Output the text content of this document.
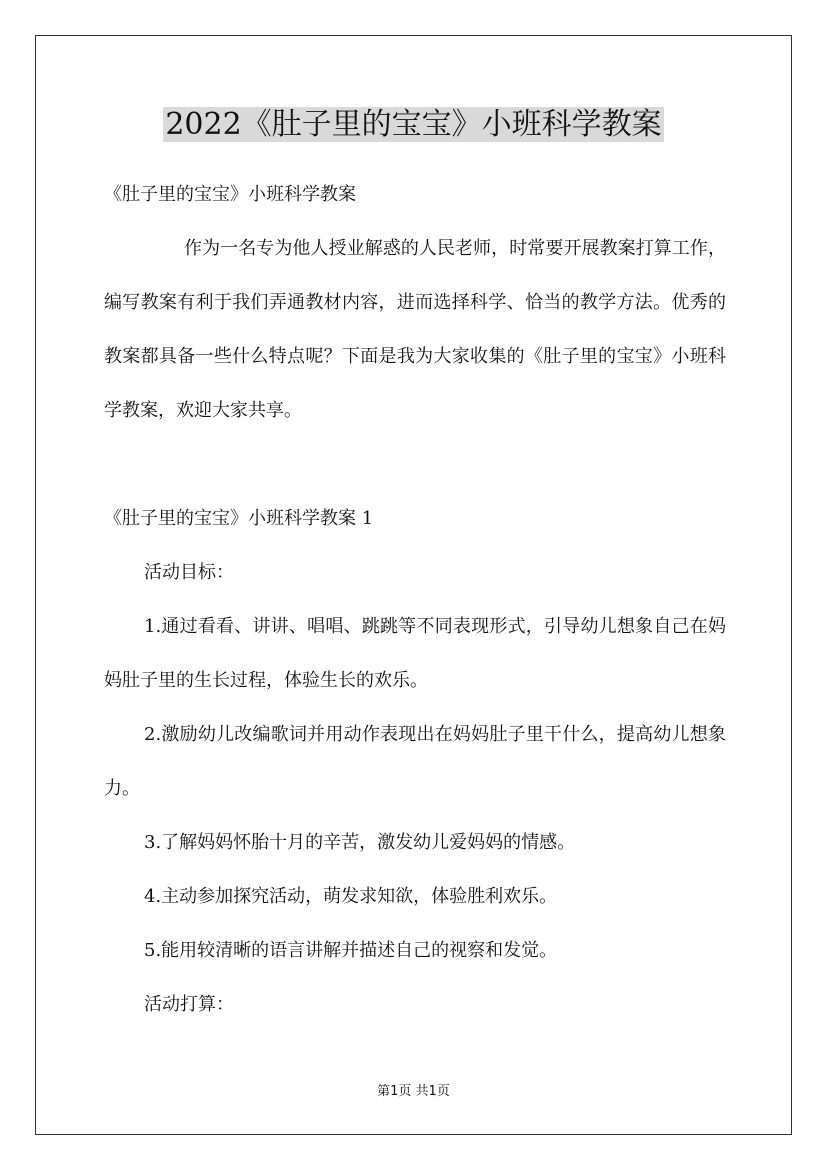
2022《肚子里的宝宝》小班科学教案

《肚子里的宝宝》小班科学教案

作为一名专为他人授业解惑的人民老师，时常要开展教案打算工作，编写教案有利于我们弄通教材内容，进而选择科学、恰当的教学方法。优秀的教案都具备一些什么特点呢？下面是我为大家收集的《肚子里的宝宝》小班科学教案，欢迎大家共享。

《肚子里的宝宝》小班科学教案 1

活动目标：

1.通过看看、讲讲、唱唱、跳跳等不同表现形式，引导幼儿想象自己在妈妈肚子里的生长过程，体验生长的欢乐。

2.激励幼儿改编歌词并用动作表现出在妈妈肚子里干什么，提高幼儿想象力。

3.了解妈妈怀胎十月的辛苦，激发幼儿爱妈妈的情感。

4.主动参加探究活动，萌发求知欲，体验胜利欢乐。

5.能用较清晰的语言讲解并描述自己的视察和发觉。

活动打算：

第1页 共1页
